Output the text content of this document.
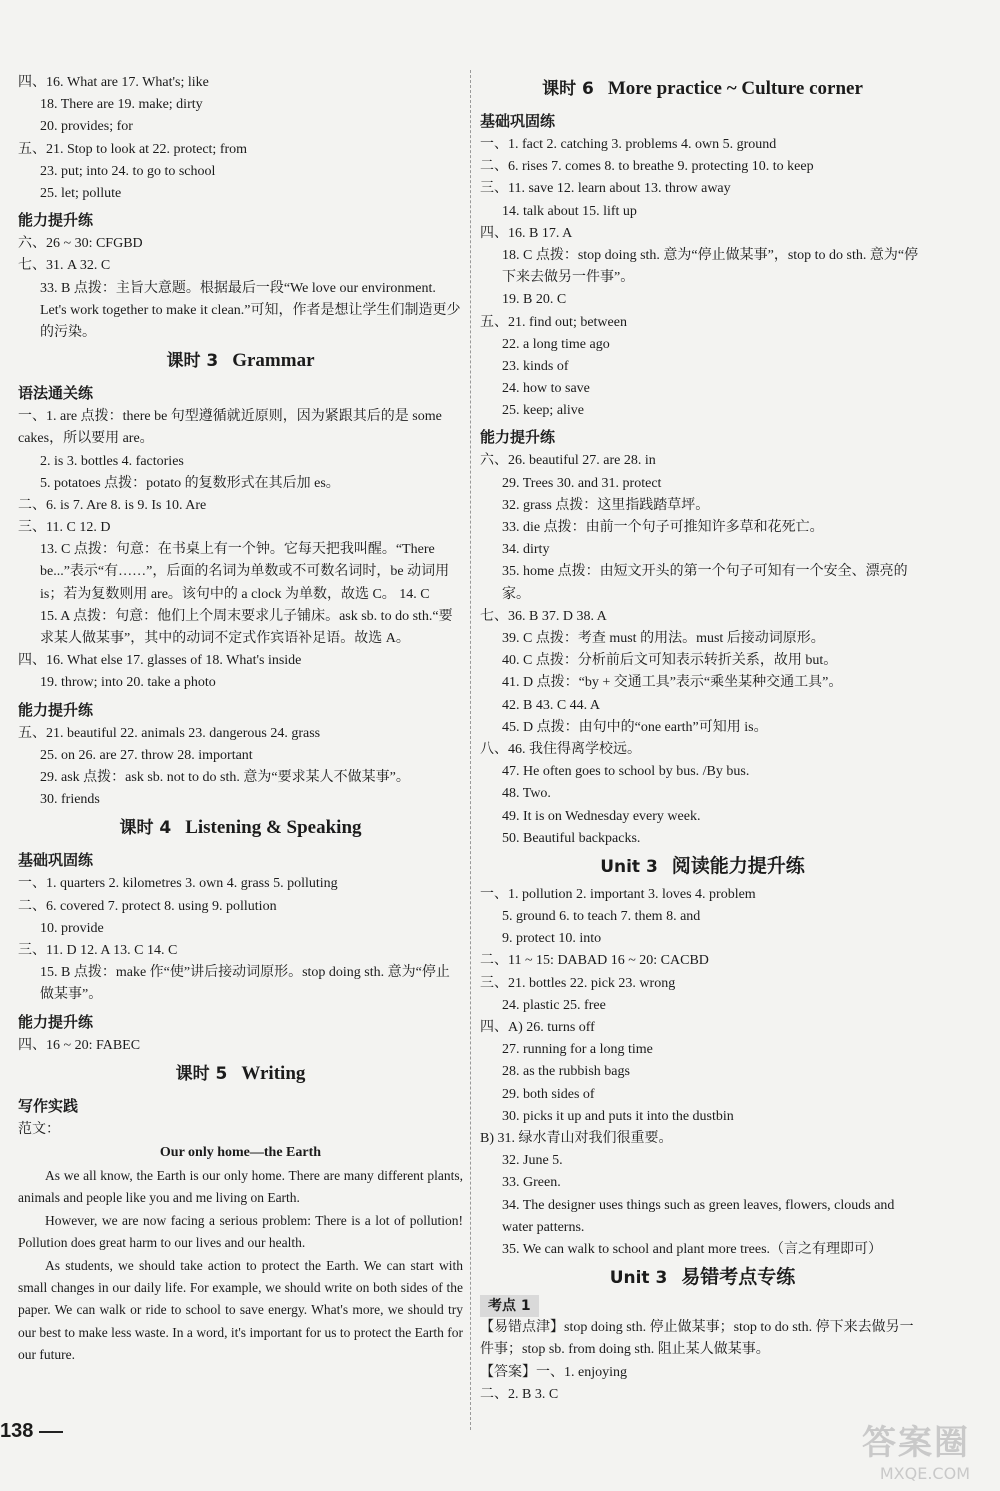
四、16. What are 17. What's; like
18. There are 19. make; dirty
20. provides; for
五、21. Stop to look at 22. protect; from
23. put; into 24. to go to school
25. let; pollute
能力提升练
六、26 ~ 30: CFGBD
七、31. A 32. C
33. B 点拨：主旨大意题。根据最后一段“We love our environment. Let's work together to make it clean.”可知，作者是想让学生们制造更少的污染。
课时 3 Grammar
语法通关练
一、1. are 点拨：there be 句型遵循就近原则，因为紧跟其后的是 some cakes，所以要用 are。
2. is 3. bottles 4. factories
5. potatoes 点拨：potato 的复数形式在其后加 es。
二、6. is 7. Are 8. is 9. Is 10. Are
三、11. C 12. D
13. C 点拨：句意：在书桌上有一个钟。它每天把我叫醒。“There be...”表示“有……”，后面的名词为单数或不可数名词时，be 动词用 is；若为复数则用 are。该句中的 a clock 为单数，故选 C。 14. C
15. A 点拨：句意：他们上个周末要求儿子铺床。ask sb. to do sth.“要求某人做某事”，其中的动词不定式作宾语补足语。故选 A。
四、16. What else 17. glasses of 18. What's inside
19. throw; into 20. take a photo
能力提升练
五、21. beautiful 22. animals 23. dangerous 24. grass
25. on 26. are 27. throw 28. important
29. ask 点拨：ask sb. not to do sth. 意为“要求某人不做某事”。
30. friends
课时 4 Listening & Speaking
基础巩固练
一、1. quarters 2. kilometres 3. own 4. grass 5. polluting
二、6. covered 7. protect 8. using 9. pollution
10. provide
三、11. D 12. A 13. C 14. C
15. B 点拨：make 作“使”讲后接动词原形。stop doing sth. 意为“停止做某事”。
能力提升练
四、16 ~ 20: FABEC
课时 5 Writing
写作实践
范文：
Our only home—the Earth
As we all know, the Earth is our only home. There are many different plants, animals and people like you and me living on Earth.
However, we are now facing a serious problem: There is a lot of pollution! Pollution does great harm to our lives and our health.
As students, we should take action to protect the Earth. We can start with small changes in our daily life. For example, we should write on both sides of the paper. We can walk or ride to school to save energy. What's more, we should try our best to make less waste. In a word, it's important for us to protect the Earth for our future.
课时 6 More practice ~ Culture corner
基础巩固练
一、1. fact 2. catching 3. problems 4. own 5. ground
二、6. rises 7. comes 8. to breathe 9. protecting 10. to keep
三、11. save 12. learn about 13. throw away
14. talk about 15. lift up
四、16. B 17. A
18. C 点拨：stop doing sth. 意为“停止做某事”，stop to do sth. 意为“停下来去做另一件事”。
19. B 20. C
五、21. find out; between
22. a long time ago
23. kinds of
24. how to save
25. keep; alive
能力提升练
六、26. beautiful 27. are 28. in
29. Trees 30. and 31. protect
32. grass 点拨：这里指践踏草坪。
33. die 点拨：由前一个句子可推知许多草和花死亡。
34. dirty
35. home 点拨：由短文开头的第一个句子可知有一个安全、漂亮的家。
七、36. B 37. D 38. A
39. C 点拨：考查 must 的用法。must 后接动词原形。
40. C 点拨：分析前后文可知表示转折关系，故用 but。
41. D 点拨：“by + 交通工具”表示“乘坐某种交通工具”。
42. B 43. C 44. A
45. D 点拨：由句中的“one earth”可知用 is。
八、46. 我住得离学校远。
47. He often goes to school by bus. /By bus.
48. Two.
49. It is on Wednesday every week.
50. Beautiful backpacks.
Unit 3 阅读能力提升练
一、1. pollution 2. important 3. loves 4. problem
5. ground 6. to teach 7. them 8. and
9. protect 10. into
二、11 ~ 15: DABAD 16 ~ 20: CACBD
三、21. bottles 22. pick 23. wrong
24. plastic 25. free
四、A) 26. turns off
27. running for a long time
28. as the rubbish bags
29. both sides of
30. picks it up and puts it into the dustbin
B) 31. 绿水青山对我们很重要。
32. June 5.
33. Green.
34. The designer uses things such as green leaves, flowers, clouds and water patterns.
35. We can walk to school and plant more trees.（言之有理即可）
Unit 3 易错考点专练
考点 1
【易错点津】stop doing sth. 停止做某事；stop to do sth. 停下来去做另一件事；stop sb. from doing sth. 阻止某人做某事。
【答案】一、1. enjoying
二、2. B 3. C
138	答案圈
MXQE.COM
